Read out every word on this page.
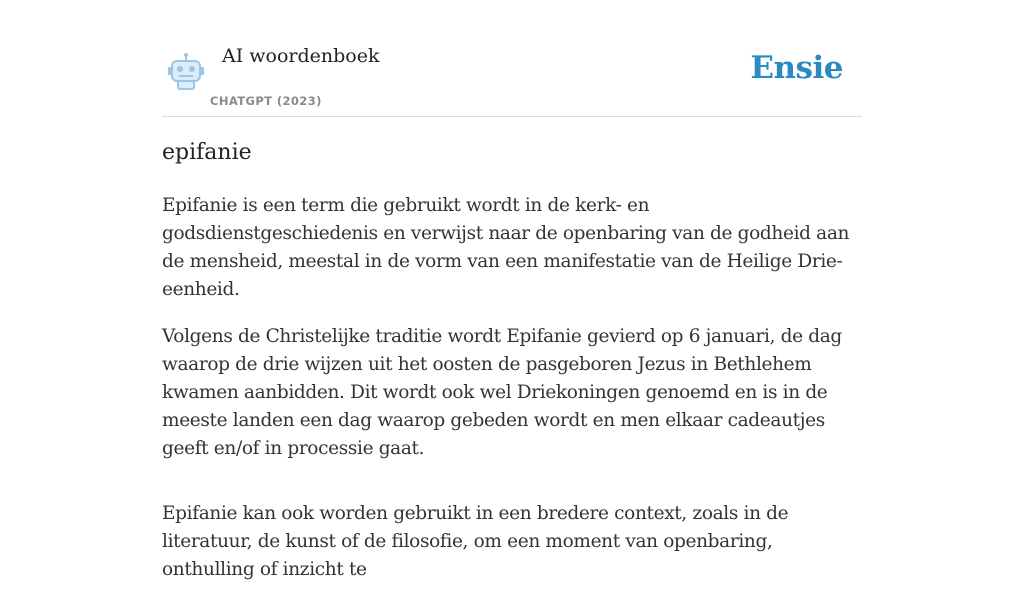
AI woordenboek
CHATGPT (2023)
Ensie
epifanie

Epifanie is een term die gebruikt wordt in de kerk- en godsdienstgeschiedenis en verwijst naar de openbaring van de godheid aan de mensheid, meestal in de vorm van een manifestatie van de Heilige Drie-eenheid.

Volgens de Christelijke traditie wordt Epifanie gevierd op 6 januari, de dag waarop de drie wijzen uit het oosten de pasgeboren Jezus in Bethlehem kwamen aanbidden. Dit wordt ook wel Driekoningen genoemd en is in de meeste landen een dag waarop gebeden wordt en men elkaar cadeautjes geeft en/of in processie gaat.

Epifanie kan ook worden gebruikt in een bredere context, zoals in de literatuur, de kunst of de filosofie, om een moment van openbaring, onthulling of inzicht te
